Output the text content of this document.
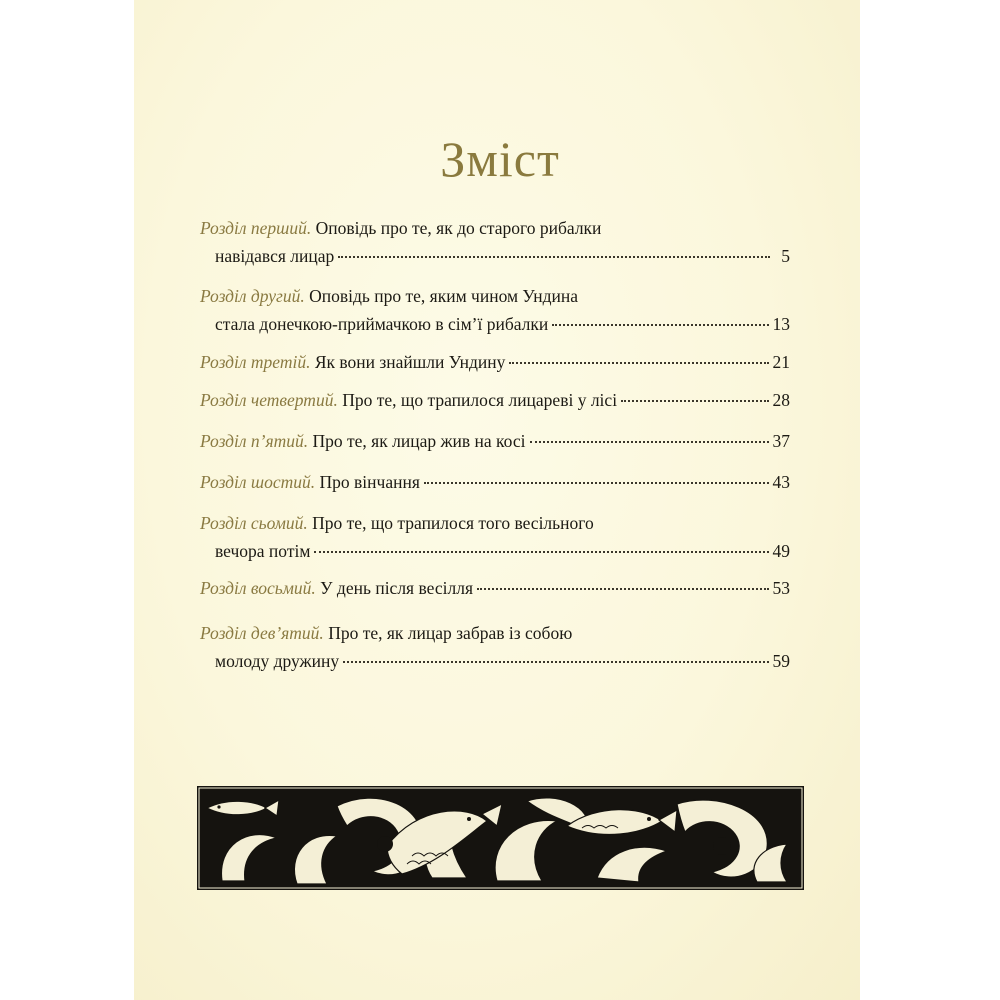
Зміст
Розділ перший.
Оповідь про те, як до старого рибалки
навідався лицар	5
Розділ другий.
Оповідь про те, яким чином Ундина
стала донечкою-приймачкою в сім’ї рибалки	13
Розділ третій.
Як вони знайшли Ундину	21
Розділ четвертий.
Про те, що трапилося лицареві у лісі	28
Розділ п’ятий.
Про те, як лицар жив на косі	37
Розділ шостий.
Про вінчання	43
Розділ сьомий.
Про те, що трапилося того весільного
вечора потім	49
Розділ восьмий.
У день після весілля	53
Розділ дев’ятий.
Про те, як лицар забрав із собою
молоду дружину	59
